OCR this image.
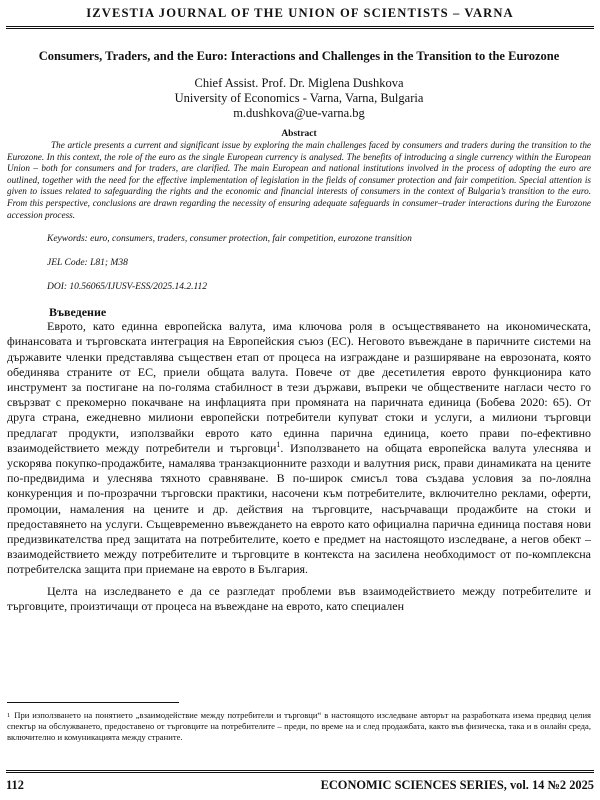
IZVESTIA JOURNAL OF THE UNION OF SCIENTISTS – VARNA
Consumers, Traders, and the Euro: Interactions and Challenges in the Transition to the Eurozone
Chief Assist. Prof. Dr. Miglena Dushkova
University of Economics - Varna, Varna, Bulgaria
m.dushkova@ue-varna.bg
Abstract

The article presents a current and significant issue by exploring the main challenges faced by consumers and traders during the transition to the Eurozone. In this context, the role of the euro as the single European currency is analysed. The benefits of introducing a single currency within the European Union – both for consumers and for traders, are clarified. The main European and national institutions involved in the process of adopting the euro are outlined, together with the need for the effective implementation of legislation in the fields of consumer protection and fair competition. Special attention is given to issues related to safeguarding the rights and the economic and financial interests of consumers in the context of Bulgaria’s transition to the euro. From this perspective, conclusions are drawn regarding the necessity of ensuring adequate safeguards in consumer–trader interactions during the Eurozone accession process.

Keywords: euro, consumers, traders, consumer protection, fair competition, eurozone transition
JEL Code: L81; M38
DOI: 10.56065/IJUSV-ESS/2025.14.2.112
Въведение

Еврото, като единна европейска валута, има ключова роля в осъществяването на икономическата, финансовата и търговската интеграция на Европейския съюз (ЕС). Неговото въвеждане в паричните системи на държавите членки представлява съществен етап от процеса на изграждане и разширяване на еврозоната, която обединява страните от ЕС, приели общата валута. Повече от две десетилетия еврото функционира като инструмент за постигане на по-голяма стабилност в тези държави, въпреки че обществените нагласи често го свързват с прекомерно покачване на инфлацията при промяната на паричната единица (Бобева 2020: 65). От друга страна, ежедневно милиони европейски потребители купуват стоки и услуги, а милиони търговци предлагат продукти, използвайки еврото като единна парична единица, което прави по-ефективно взаимодействието между потребители и търговци$^1$. Използването на общата европейска валута улеснява и ускорява покупко-продажбите, намалява транзакционните разходи и валутния риск, прави динамиката на цените по-предвидима и улеснява тяхното сравняване. В по-широк смисъл това създава условия за по-лоялна конкуренция и по-прозрачни търговски практики, насочени към потребителите, включително реклами, оферти, промоции, намаления на цените и др. действия на търговците, насърчаващи продажбите на стоки и предоставянето на услуги. Същевременно въвеждането на еврото като официална парична единица поставя нови предизвикателства пред защитата на потребителите, което е предмет на настоящото изследване, а негов обект – взаимодействието между потребителите и търговците в контекста на засилена необходимост от по-комплексна потребителска защита при приемане на еврото в България.

Целта на изследването е да се разгледат проблеми във взаимодействието между потребителите и търговците, произтичащи от процеса на въвеждане на еврото, като специален

$^1$ При използването на понятието „взаимодействие между потребители и търговци“ в настоящото изследване авторът на разработката изема предвид целия спектър на обслужването, предоставено от търговците на потребителите – преди, по време на и след продажбата, както във физическа, така и в онлайн среда, включително и комуникацията между страните.
112	ECONOMIC SCIENCES SERIES, vol. 14 №2 2025
